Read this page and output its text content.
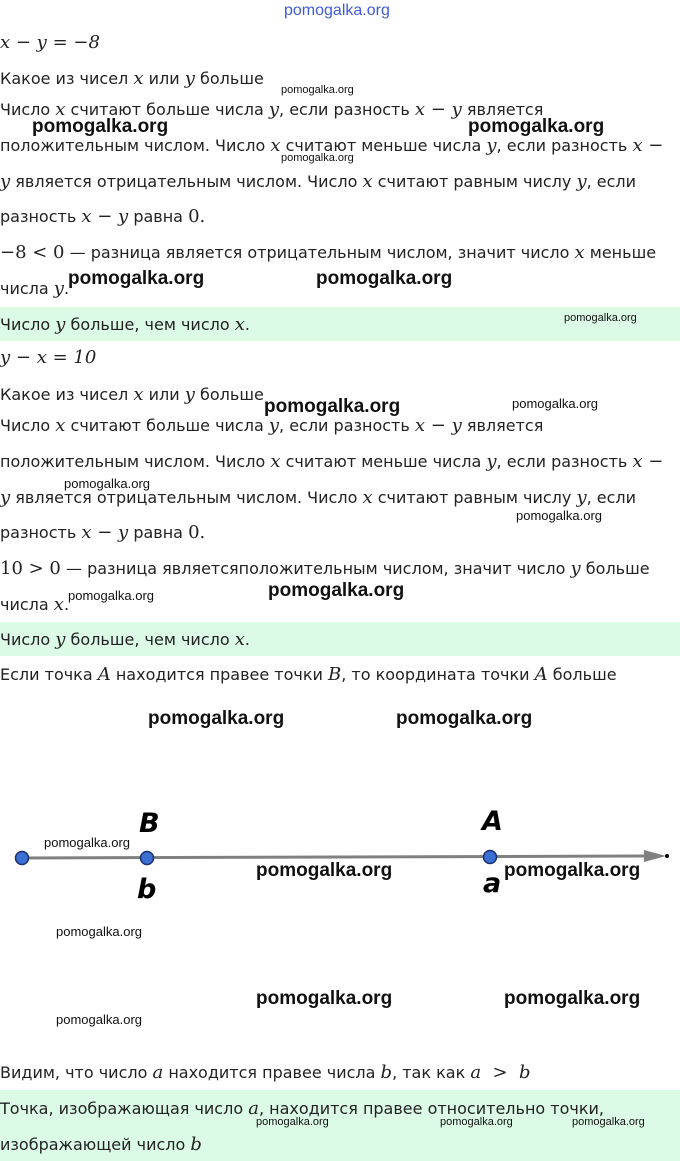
pomogalka.org
x − y = −8
Какое из чисел x или y больше
Число x считают больше числа y, если разность x − y является
положительным числом. Число x считают меньше числа y, если разность x −
y является отрицательным числом. Число x считают равным числу y, если
разность x − y равна 0.
−8 < 0 — разница является отрицательным числом, значит число x меньше
числа y.
Число y больше, чем число x.
y − x = 10
Какое из чисел x или y больше
Число x считают больше числа y, если разность x − y является
положительным числом. Число x считают меньше числа y, если разность x −
y является отрицательным числом. Число x считают равным числу y, если
разность x − y равна 0.
10 > 0 — разница являетсяположительным числом, значит число y больше
числа x.
Число y больше, чем число x.
Если точка A находится правее точки B, то координата точки A больше
B
b
A
a
Видим, что число a находится правее числа b, так как a  >  b
Точка, изображающая число a, находится правее относительно точки,
изображающей число b
pomogalka.org
pomogalka.org	pomogalka.org
pomogalka.org
pomogalka.org	pomogalka.org
pomogalka.org
pomogalka.org	pomogalka.org
pomogalka.org
pomogalka.org
pomogalka.org	pomogalka.org
pomogalka.org	pomogalka.org
pomogalka.org
pomogalka.org	pomogalka.org
pomogalka.org
pomogalka.org	pomogalka.org
pomogalka.org
pomogalka.org	pomogalka.org	pomogalka.org
